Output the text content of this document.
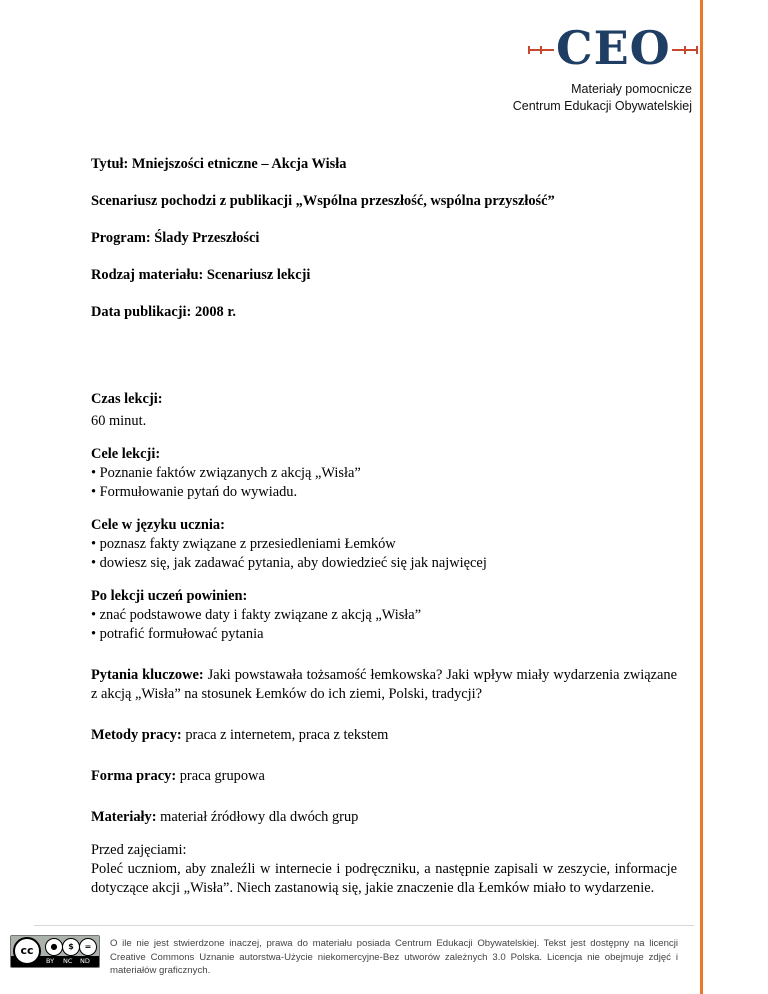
CEO
Materiały pomocnicze
Centrum Edukacji Obywatelskiej

Tytuł: Mniejszości etniczne – Akcja Wisła

Scenariusz pochodzi z publikacji „Wspólna przeszłość, wspólna przyszłość”

Program: Ślady Przeszłości

Rodzaj materiału: Scenariusz lekcji

Data publikacji: 2008 r.

Czas lekcji:
60 minut.
Cele lekcji:
• Poznanie faktów związanych z akcją „Wisła”
• Formułowanie pytań do wywiadu.
Cele w języku ucznia:
• poznasz fakty związane z przesiedleniami Łemków
• dowiesz się, jak zadawać pytania, aby dowiedzieć się jak najwięcej
Po lekcji uczeń powinien:
• znać podstawowe daty i fakty związane z akcją „Wisła”
• potrafić formułować pytania
Pytania kluczowe: Jaki powstawała tożsamość łemkowska? Jaki wpływ miały wydarzenia związane z akcją „Wisła” na stosunek Łemków do ich ziemi, Polski, tradycji?
Metody pracy: praca z internetem, praca z tekstem
Forma pracy: praca grupowa
Materiały: materiał źródłowy dla dwóch grup
Przed zajęciami:
Poleć uczniom, aby znaleźli w internecie i podręczniku, a następnie zapisali w zeszycie, informacje dotyczące akcji „Wisła”. Niech zastanowią się, jakie znaczenie dla Łemków miało to wydarzenie.
cc	●	$	=
BY NC ND
O ile nie jest stwierdzone inaczej, prawa do materiału posiada Centrum Edukacji Obywatelskiej. Tekst jest dostępny na licencji Creative Commons Uznanie autorstwa-Użycie niekomercyjne-Bez utworów zależnych 3.0 Polska. Licencja nie obejmuje zdjęć i materiałów graficznych.
